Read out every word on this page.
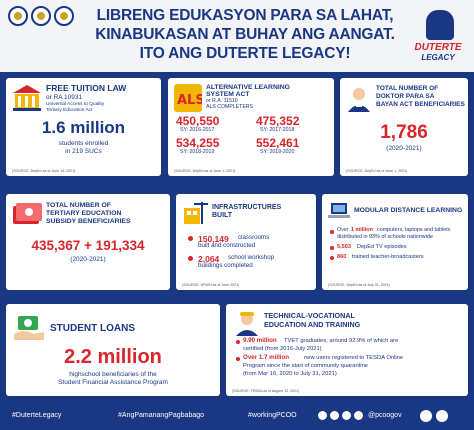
LIBRENG EDUKASYON PARA SA LAHAT,
KINABUKASAN AT BUHAY ANG AANGAT.
ITO ANG DUTERTE LEGACY!	DUTERTE
LEGACY
FREE TUITION LAW
or RA 10931
Universal Access to Quality
Tertiary Education Act
1.6 million
students enrolled
in 219 SUCs
(SOURCE: DepEd as of June 14, 2021)
ALS
ALTERNATIVE LEARNING
SYSTEM ACT
or R.A. 11510
ALS COMPLETERS
450,550
SY: 2016-2017
475,352
SY: 2017-2018
534,255
SY: 2018-2019
552,461
SY: 2019-2020
(SOURCE: DepEd as of June 1, 2021)
TOTAL NUMBER OF
DOKTOR PARA SA
BAYAN ACT BENEFICIARIES
1,786
(2020-2021)
(SOURCE: DepEd as of June 1, 2021)
TOTAL NUMBER OF
TERTIARY EDUCATION
SUBSIDY BENEFICIARIES
435,367 + 191,334
(2020-2021)
INFRASTRUCTURES
BUILT
150,149 classrooms
built and constructed
2,064 school workshop
buildings completed
(SOURCE: DPWH as of June 2021)
MODULAR DISTANCE LEARNING
Over 1 million computers, laptops and tablets
distributed in 93% of schools nationwide
5,503 DepEd TV episodes
860 trained teacher-broadcasters
(SOURCE: DepEd as of July 31, 2021)
STUDENT LOANS
2.2 million
highschool beneficiaries of the
Student Financial Assistance Program
TECHNICAL-VOCATIONAL
EDUCATION AND TRAINING
9.90 million TVET graduates, around 92.9% of which are
certified (from 2016-July 2021)
Over 1.7 million	new users registered to TESDA Online
Program since the start of community quarantine
(from Mar 16, 2020 to July 31, 2021)
(SOURCE: TESDA as of August 13, 2021)
#DuterteLegacy	#AngPamanangPagbabago	#workingPCOO	@pcoogov
